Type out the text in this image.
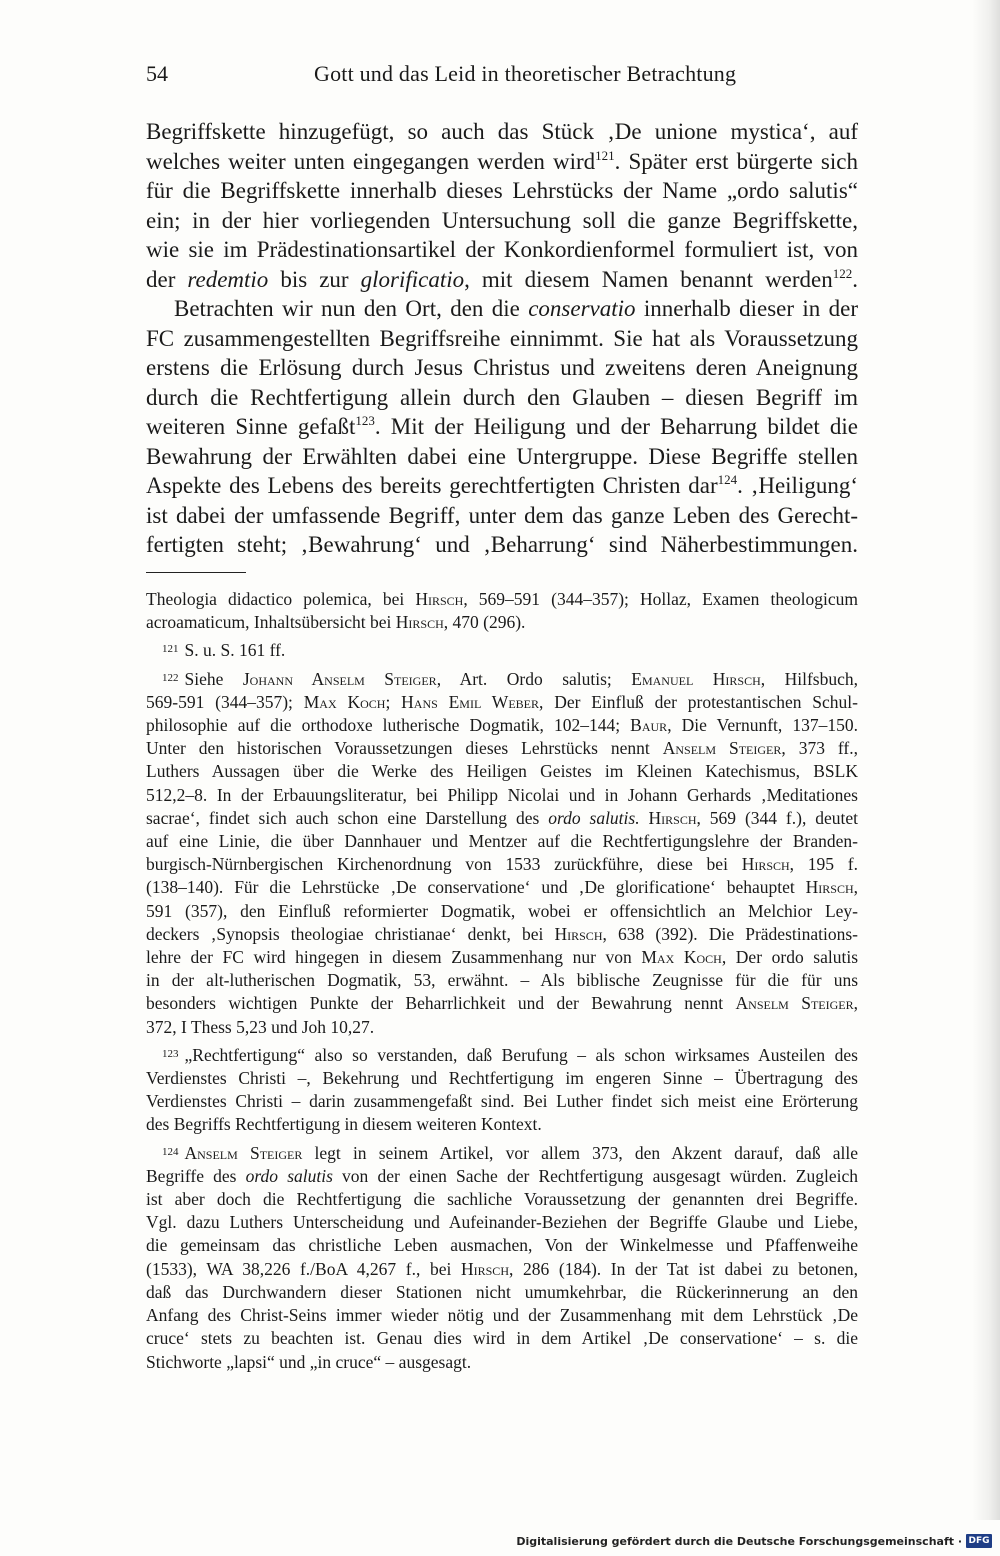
54	Gott und das Leid in theoretischer Betrachtung

Begriffskette hinzugefügt, so auch das Stück ‚De unione mystica‘, auf
welches weiter unten eingegangen werden wird$^{121}$. Später erst bürgerte sich
für die Begriffskette innerhalb dieses Lehrstücks der Name „ordo salutis“
ein; in der hier vorliegenden Untersuchung soll die ganze Begriffskette,
wie sie im Prädestinationsartikel der Konkordienformel formuliert ist, von
der redemtio bis zur glorificatio, mit diesem Namen benannt werden$^{122}$.

Betrachten wir nun den Ort, den die conservatio innerhalb dieser in der
FC zusammengestellten Begriffsreihe einnimmt. Sie hat als Voraussetzung
erstens die Erlösung durch Jesus Christus und zweitens deren Aneignung
durch die Rechtfertigung allein durch den Glauben – diesen Begriff im
weiteren Sinne gefaßt$^{123}$. Mit der Heiligung und der Beharrung bildet die
Bewahrung der Erwählten dabei eine Untergruppe. Diese Begriffe stellen
Aspekte des Lebens des bereits gerechtfertigten Christen dar$^{124}$. ‚Heiligung‘
ist dabei der umfassende Begriff, unter dem das ganze Leben des Gerecht-
fertigten steht; ‚Bewahrung‘ und ‚Beharrung‘ sind Näherbestimmungen.

Theologia didactico polemica, bei Hirsch, 569–591 (344–357); Hollaz, Examen theologicum
acroamaticum, Inhaltsübersicht bei Hirsch, 470 (296).
$^{121}$ S. u. S. 161 ff.
$^{122}$ Siehe Johann Anselm Steiger, Art. Ordo salutis; Emanuel Hirsch, Hilfsbuch,
569-591 (344–357); Max Koch; Hans Emil Weber, Der Einfluß der protestantischen Schul-
philosophie auf die orthodoxe lutherische Dogmatik, 102–144; Baur, Die Vernunft, 137–150.
Unter den historischen Voraussetzungen dieses Lehrstücks nennt Anselm Steiger, 373 ff.,
Luthers Aussagen über die Werke des Heiligen Geistes im Kleinen Katechismus, BSLK
512,2–8. In der Erbauungsliteratur, bei Philipp Nicolai und in Johann Gerhards ‚Meditationes
sacrae‘, findet sich auch schon eine Darstellung des ordo salutis. Hirsch, 569 (344 f.), deutet
auf eine Linie, die über Dannhauer und Mentzer auf die Rechtfertigungslehre der Branden-
burgisch-Nürnbergischen Kirchenordnung von 1533 zurückführe, diese bei Hirsch, 195 f.
(138–140). Für die Lehrstücke ‚De conservatione‘ und ‚De glorificatione‘ behauptet Hirsch,
591 (357), den Einfluß reformierter Dogmatik, wobei er offensichtlich an Melchior Ley-
deckers ‚Synopsis theologiae christianae‘ denkt, bei Hirsch, 638 (392). Die Prädestinations-
lehre der FC wird hingegen in diesem Zusammenhang nur von Max Koch, Der ordo salutis
in der alt-lutherischen Dogmatik, 53, erwähnt. – Als biblische Zeugnisse für die für uns
besonders wichtigen Punkte der Beharrlichkeit und der Bewahrung nennt Anselm Steiger,
372, I Thess 5,23 und Joh 10,27.
$^{123}$ „Rechtfertigung“ also so verstanden, daß Berufung – als schon wirksames Austeilen des
Verdienstes Christi –, Bekehrung und Rechtfertigung im engeren Sinne – Übertragung des
Verdienstes Christi – darin zusammengefaßt sind. Bei Luther findet sich meist eine Erörterung
des Begriffs Rechtfertigung in diesem weiteren Kontext.
$^{124}$ Anselm Steiger legt in seinem Artikel, vor allem 373, den Akzent darauf, daß alle
Begriffe des ordo salutis von der einen Sache der Rechtfertigung ausgesagt würden. Zugleich
ist aber doch die Rechtfertigung die sachliche Voraussetzung der genannten drei Begriffe.
Vgl. dazu Luthers Unterscheidung und Aufeinander-Beziehen der Begriffe Glaube und Liebe,
die gemeinsam das christliche Leben ausmachen, Von der Winkelmesse und Pfaffenweihe
(1533), WA 38,226 f./BoA 4,267 f., bei Hirsch, 286 (184). In der Tat ist dabei zu betonen,
daß das Durchwandern dieser Stationen nicht umumkehrbar, die Rückerinnerung an den
Anfang des Christ-Seins immer wieder nötig und der Zusammenhang mit dem Lehrstück ‚De
cruce‘ stets zu beachten ist. Genau dies wird in dem Artikel ‚De conservatione‘ – s. die
Stichworte „lapsi“ und „in cruce“ – ausgesagt.
Digitalisierung gefördert durch die Deutsche Forschungsgemeinschaft · DFG
